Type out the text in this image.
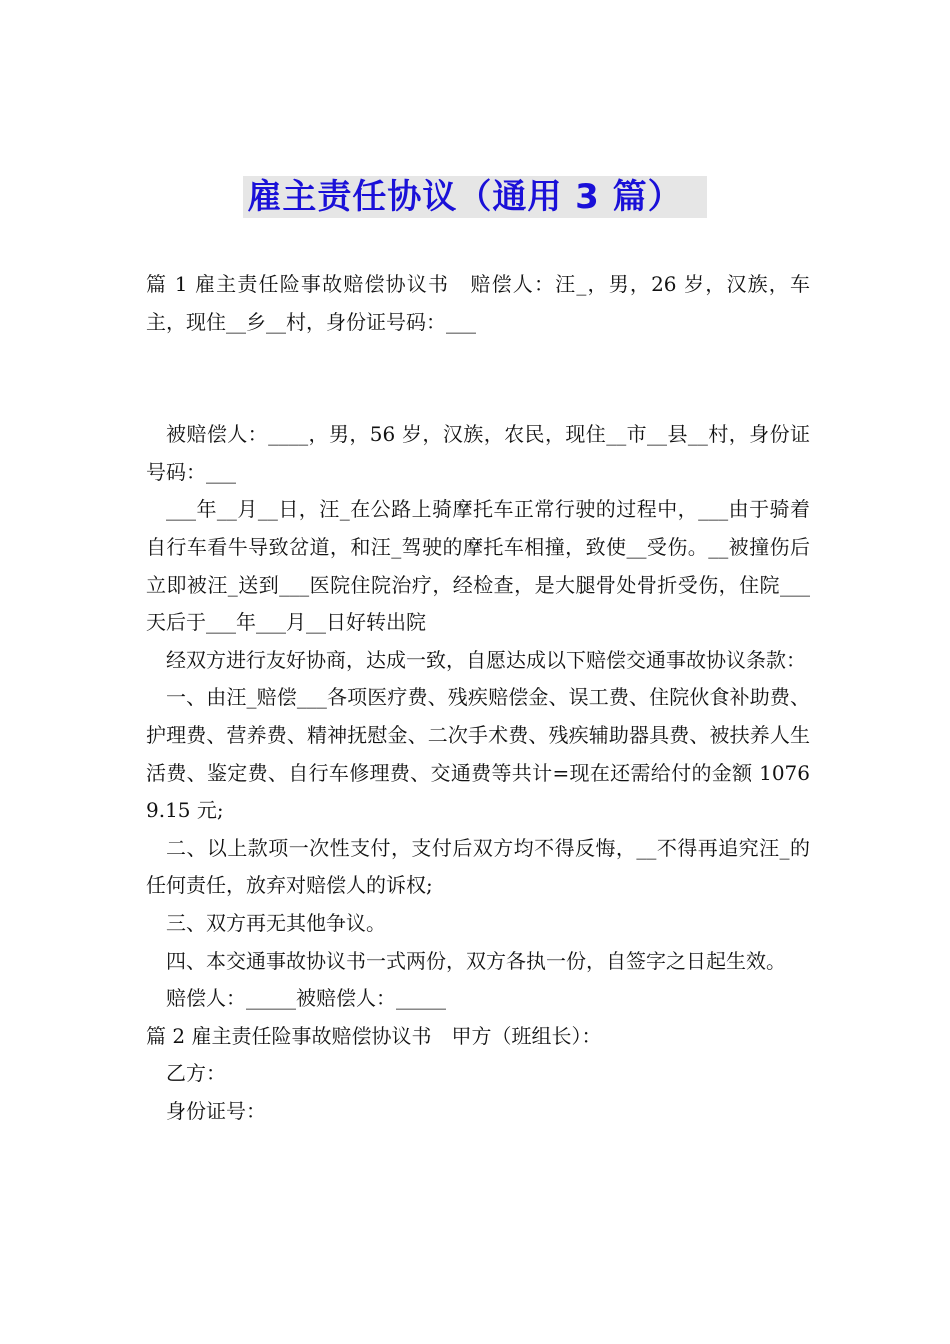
雇主责任协议（通用 3 篇）

篇 1 雇主责任险事故赔偿协议书　赔偿人：汪_，男，26 岁，汉族，车主，现住__乡__村，身份证号码：___

被赔偿人：____，男，56 岁，汉族，农民，现住__市__县__村，身份证号码：___

___年__月__日，汪_在公路上骑摩托车正常行驶的过程中，___由于骑着自行车看牛导致岔道，和汪_驾驶的摩托车相撞，致使__受伤。__被撞伤后立即被汪_送到___医院住院治疗，经检查，是大腿骨处骨折受伤，住院___天后于___年___月__日好转出院

经双方进行友好协商，达成一致，自愿达成以下赔偿交通事故协议条款：

一、由汪_赔偿___各项医疗费、残疾赔偿金、误工费、住院伙食补助费、护理费、营养费、精神抚慰金、二次手术费、残疾辅助器具费、被扶养人生活费、鉴定费、自行车修理费、交通费等共计=现在还需给付的金额 10769.15 元;

二、以上款项一次性支付，支付后双方均不得反悔，__不得再追究汪_的任何责任，放弃对赔偿人的诉权;

三、双方再无其他争议。

四、本交通事故协议书一式两份，双方各执一份，自签字之日起生效。

赔偿人：_____被赔偿人：_____

篇 2 雇主责任险事故赔偿协议书　甲方（班组长）：

乙方：

身份证号：
